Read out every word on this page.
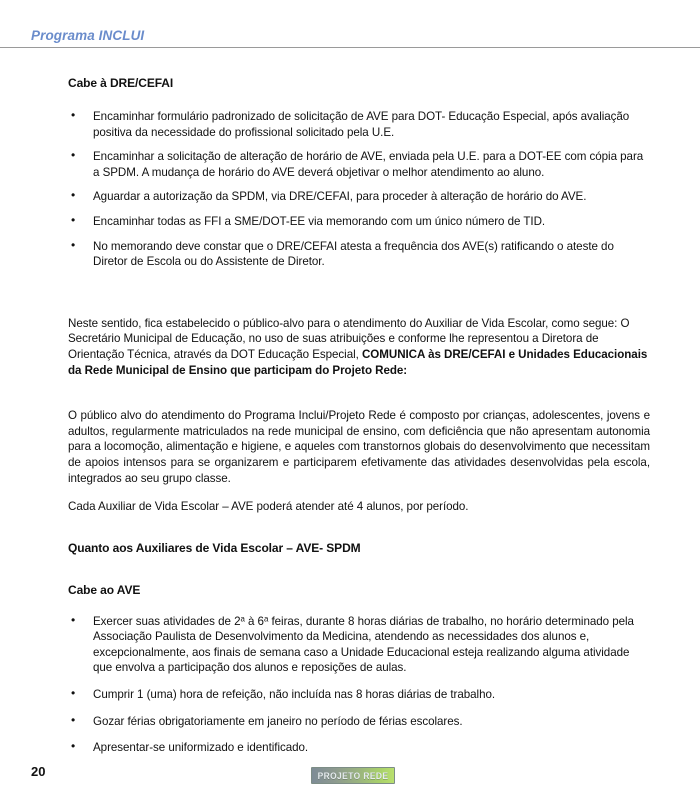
Programa INCLUI
Cabe à DRE/CEFAI
• Encaminhar formulário padronizado de solicitação de AVE para DOT- Educação Especial, após avaliação positiva da necessidade do profissional solicitado pela U.E.
• Encaminhar a solicitação de alteração de horário de AVE, enviada pela U.E. para a DOT-EE com cópia para a SPDM. A mudança de horário do AVE deverá objetivar o melhor atendimento ao aluno.
• Aguardar a autorização da SPDM, via DRE/CEFAI, para proceder à alteração de horário do AVE.
• Encaminhar todas as FFI a SME/DOT-EE via memorando com um único número de TID.
• No memorando deve constar que o DRE/CEFAI atesta a frequência dos AVE(s) ratificando o ateste do Diretor de Escola ou do Assistente de Diretor.

Neste sentido, fica estabelecido o público-alvo para o atendimento do Auxiliar de Vida Escolar, como segue: O Secretário Municipal de Educação, no uso de suas atribuições e conforme lhe representou a Diretora de Orientação Técnica, através da DOT Educação Especial, COMUNICA às DRE/CEFAI e Unidades Educacionais da Rede Municipal de Ensino que participam do Projeto Rede:

O público alvo do atendimento do Programa Inclui/Projeto Rede é composto por crianças, adolescentes, jovens e adultos, regularmente matriculados na rede municipal de ensino, com deficiência que não apresentam autonomia para a locomoção, alimentação e higiene, e aqueles com transtornos globais do desenvolvimento que necessitam de apoios intensos para se organizarem e participarem efetivamente das atividades desenvolvidas pela escola, integrados ao seu grupo classe.

Cada Auxiliar de Vida Escolar – AVE poderá atender até 4 alunos, por período.

Quanto aos Auxiliares de Vida Escolar – AVE- SPDM
Cabe ao AVE
• Exercer suas atividades de 2$^a$ à 6$^a$ feiras, durante 8 horas diárias de trabalho, no horário determinado pela Associação Paulista de Desenvolvimento da Medicina, atendendo as necessidades dos alunos e, excepcionalmente, aos finais de semana caso a Unidade Educacional esteja realizando alguma atividade que envolva a participação dos alunos e reposições de aulas.
• Cumprir 1 (uma) hora de refeição, não incluída nas 8 horas diárias de trabalho.
• Gozar férias obrigatoriamente em janeiro no período de férias escolares.
• Apresentar-se uniformizado e identificado.
20	PROJETO REDE
